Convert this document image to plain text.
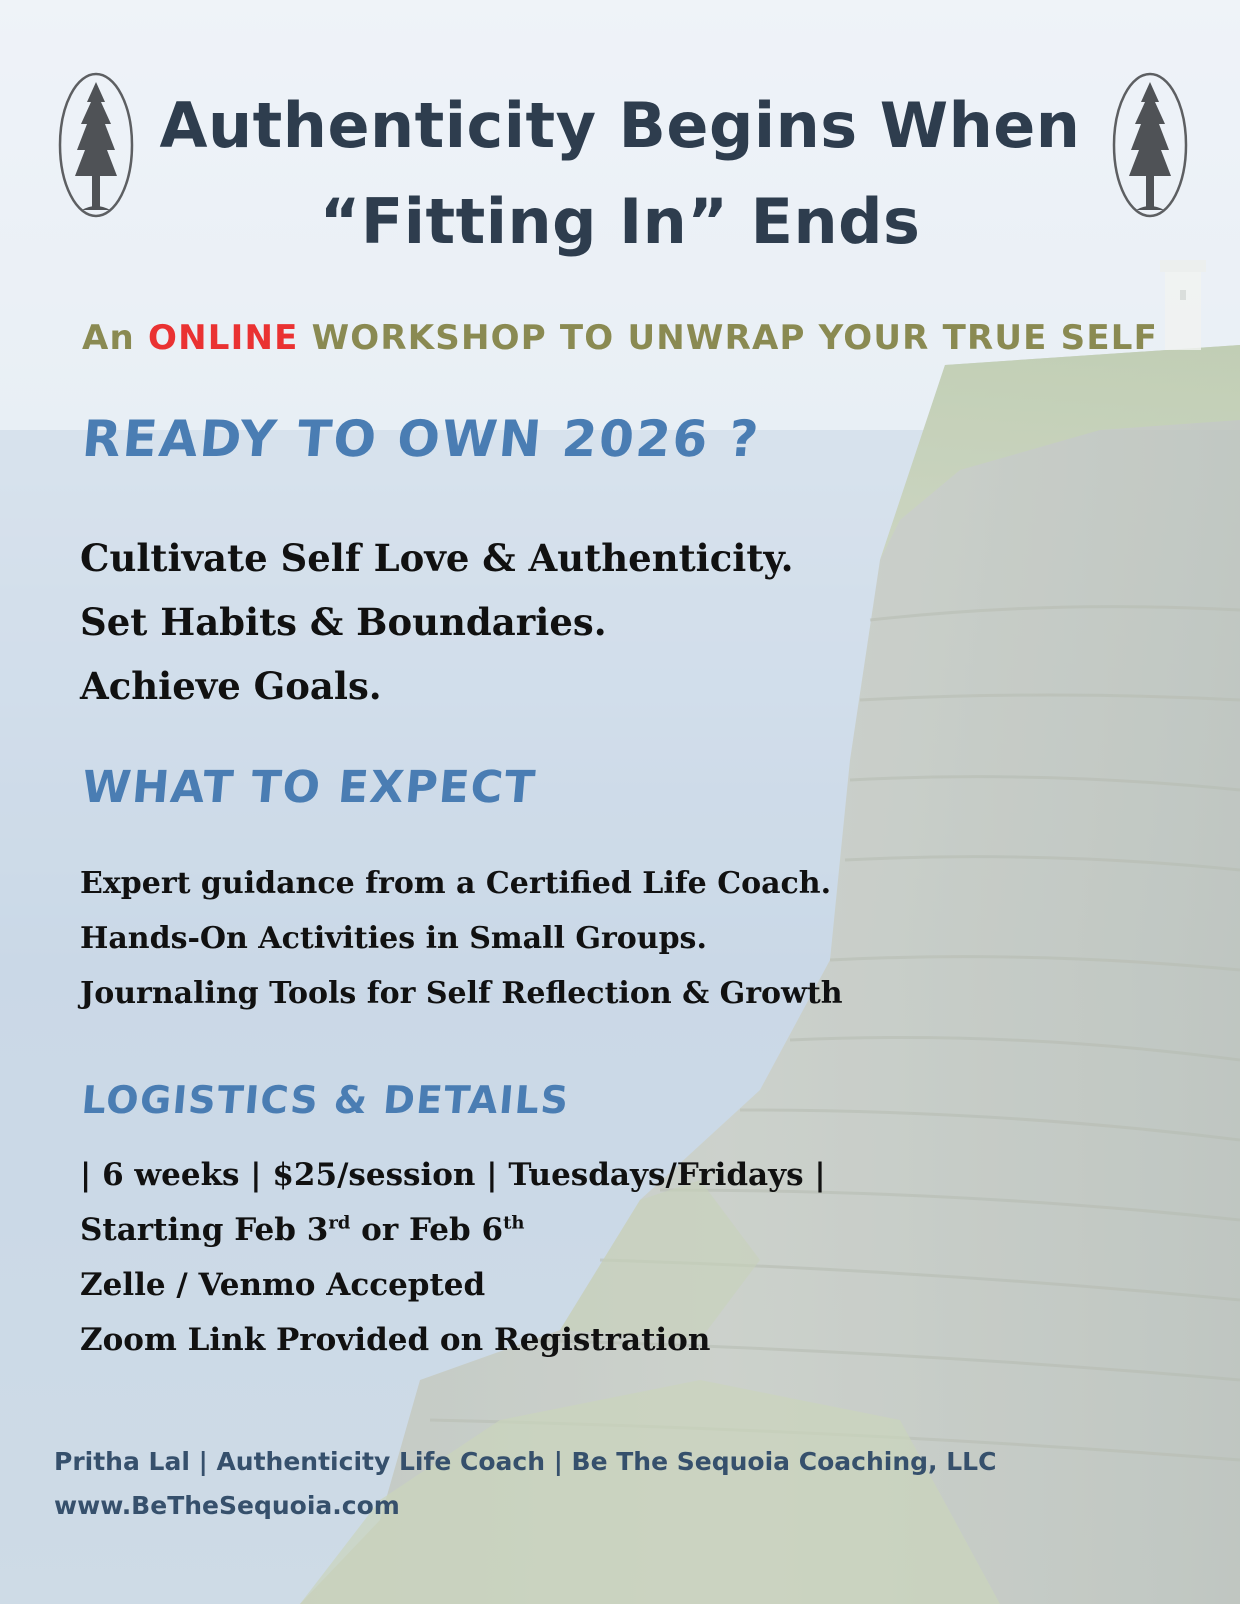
Authenticity Begins When
“Fitting In” Ends

An ONLINE WORKSHOP TO UNWRAP YOUR TRUE SELF

READY TO OWN 2026 ?
Cultivate Self Love & Authenticity.
Set Habits & Boundaries.
Achieve Goals.
WHAT TO EXPECT
Expert guidance from a Certified Life Coach.
Hands-On Activities in Small Groups.
Journaling Tools for Self Reflection & Growth
LOGISTICS & DETAILS
| 6 weeks | $25/session | Tuesdays/Fridays |
Starting Feb 3rd or Feb 6th
Zelle / Venmo Accepted
Zoom Link Provided on Registration
Pritha Lal | Authenticity Life Coach | Be The Sequoia Coaching, LLC
www.BeTheSequoia.com
